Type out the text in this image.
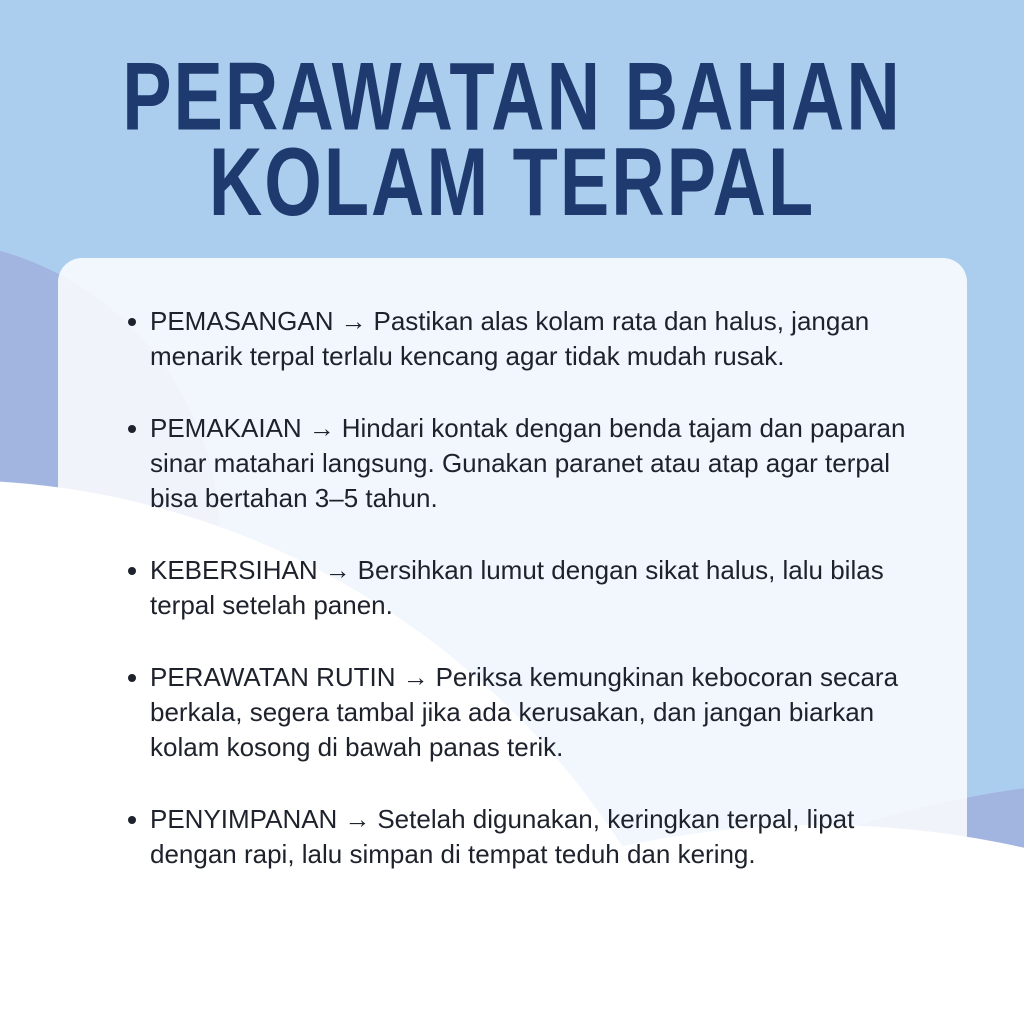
PERAWATAN BAHAN
KOLAM TERPAL
PEMASANGAN → Pastikan alas kolam rata dan halus, jangan menarik terpal terlalu kencang agar tidak mudah rusak.
PEMAKAIAN → Hindari kontak dengan benda tajam dan paparan sinar matahari langsung. Gunakan paranet atau atap agar terpal bisa bertahan 3–5 tahun.
KEBERSIHAN → Bersihkan lumut dengan sikat halus, lalu bilas terpal setelah panen.
PERAWATAN RUTIN → Periksa kemungkinan kebocoran secara berkala, segera tambal jika ada kerusakan, dan jangan biarkan kolam kosong di bawah panas terik.
PENYIMPANAN → Setelah digunakan, keringkan terpal, lipat dengan rapi, lalu simpan di tempat teduh dan kering.
